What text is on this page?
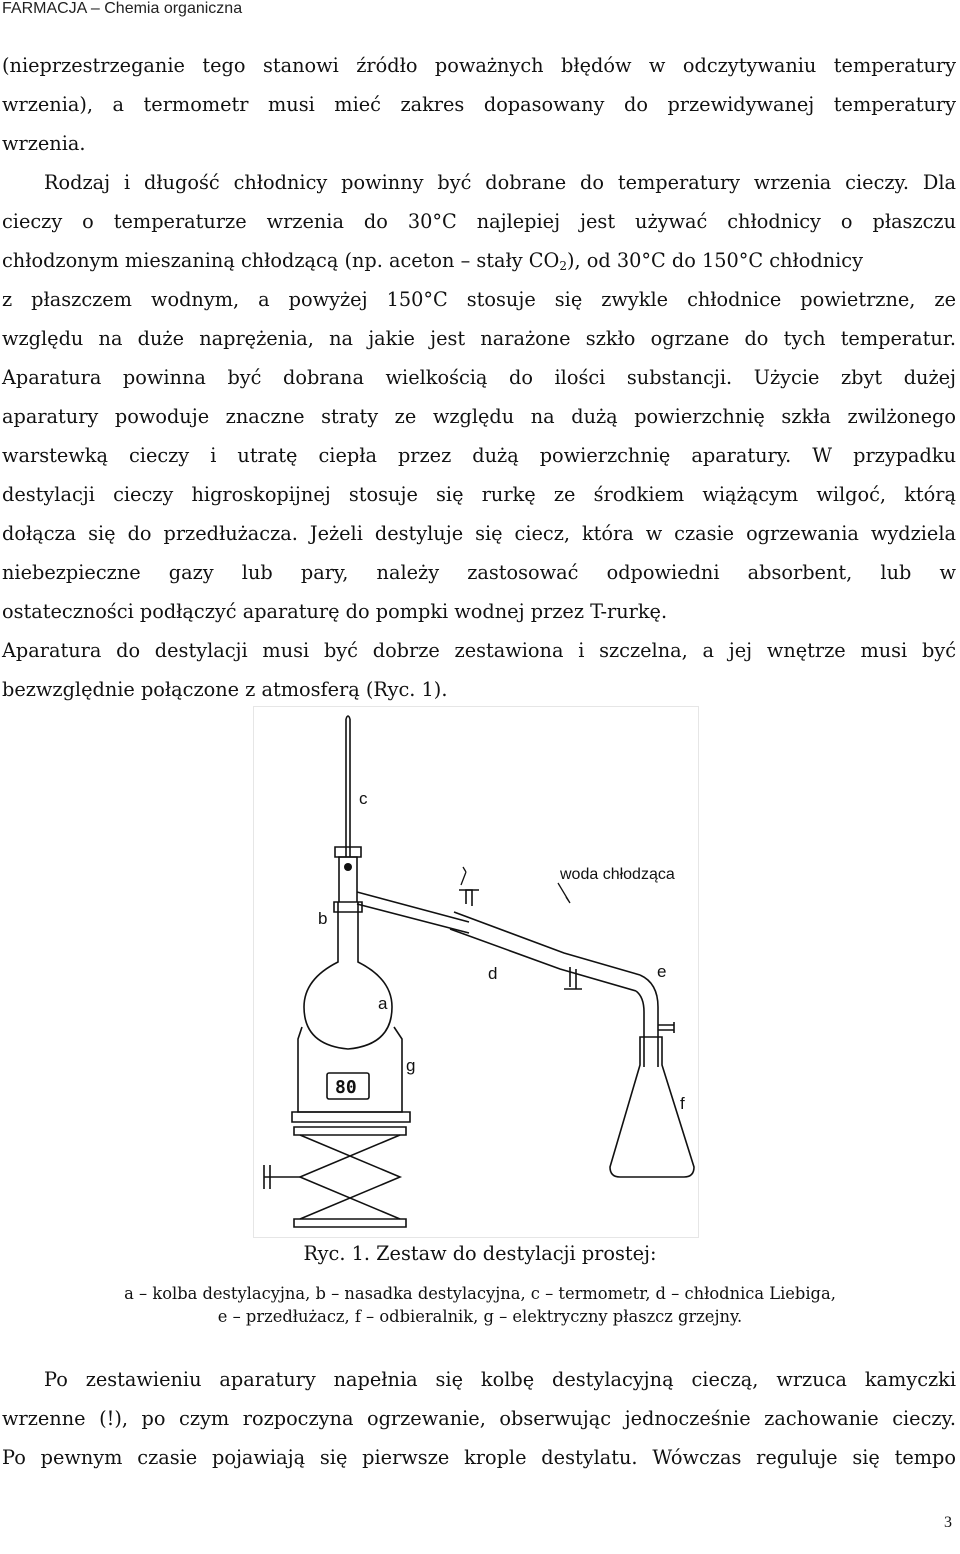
FARMACJA – Chemia organiczna
(nieprzestrzeganie tego stanowi źródło poważnych błędów w odczytywaniu temperatury
wrzenia), a termometr musi mieć zakres dopasowany do przewidywanej temperatury
wrzenia.
Rodzaj i długość chłodnicy powinny być dobrane do temperatury wrzenia cieczy. Dla
cieczy o temperaturze wrzenia do 30°C najlepiej jest używać chłodnicy o płaszczu
chłodzonym mieszaniną chłodzącą (np. aceton – stały $CO_2$), od 30°C do 150°C chłodnicy
z płaszczem wodnym, a powyżej 150°C stosuje się zwykle chłodnice powietrzne, ze
względu na duże naprężenia, na jakie jest narażone szkło ogrzane do tych temperatur.
Aparatura powinna być dobrana wielkością do ilości substancji. Użycie zbyt dużej
aparatury powoduje znaczne straty ze względu na dużą powierzchnię szkła zwilżonego
warstewką cieczy i utratę ciepła przez dużą powierzchnię aparatury. W przypadku
destylacji cieczy higroskopijnej stosuje się rurkę ze środkiem wiążącym wilgoć, którą
dołącza się do przedłużacza. Jeżeli destyluje się ciecz, która w czasie ogrzewania wydziela
niebezpieczne gazy lub pary, należy zastosować odpowiedni absorbent, lub w
ostateczności podłączyć aparaturę do pompki wodnej przez T-rurkę.
Aparatura do destylacji musi być dobrze zestawiona i szczelna, a jej wnętrze musi być
bezwzględnie połączone z atmosferą (Ryc. 1).
c
b
a
g
d	e
f
woda chłodząca
80

Ryc. 1. Zestaw do destylacji prostej:

a – kolba destylacyjna, b – nasadka destylacyjna, c – termometr, d – chłodnica Liebiga,
e – przedłużacz, f – odbieralnik, g – elektryczny płaszcz grzejny.
Po zestawieniu aparatury napełnia się kolbę destylacyjną cieczą, wrzuca kamyczki
wrzenne (!), po czym rozpoczyna ogrzewanie, obserwując jednocześnie zachowanie cieczy.
Po pewnym czasie pojawiają się pierwsze krople destylatu. Wówczas reguluje się tempo
3
